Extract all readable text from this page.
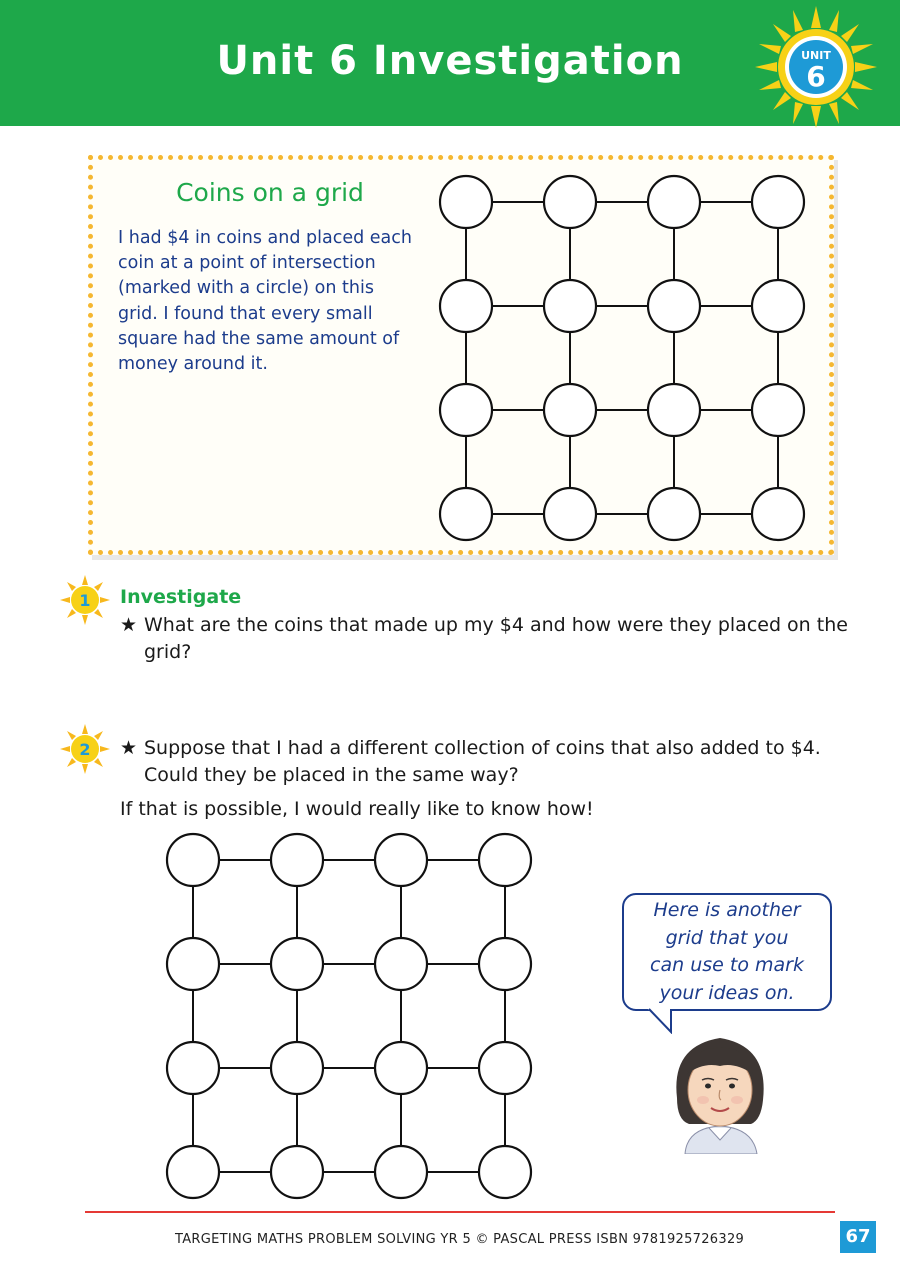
Unit 6 Investigation	UNIT
6
Coins on a grid
I had $4 in coins and placed each
coin at a point of intersection
(marked with a circle) on this
grid. I found that every small
square had the same amount of
money around it.
1 Investigate
★ What are the coins that made up my $4 and how were they placed on the
grid?
2 ★ Suppose that I had a different collection of coins that also added to $4.
Could they be placed in the same way?
If that is possible, I would really like to know how!
Here is another
grid that you
can use to mark
your ideas on.
TARGETING MATHS PROBLEM SOLVING YR 5 © PASCAL PRESS ISBN 9781925726329	67
